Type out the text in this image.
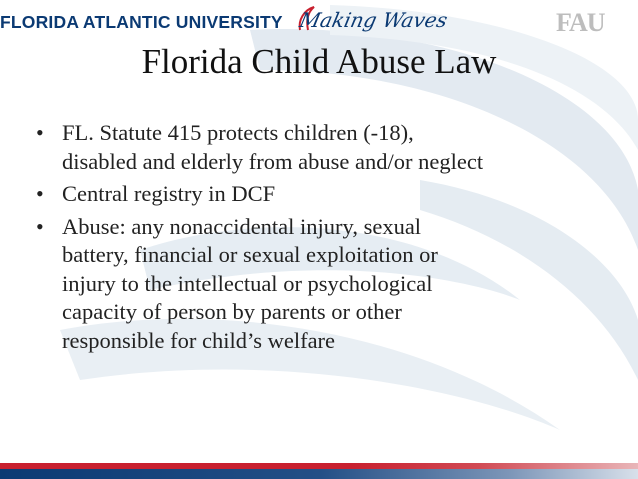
FLORIDA ATLANTIC UNIVERSITY Making Waves	FAU
Florida Child Abuse Law
• FL. Statute 415 protects children (-18),
disabled and elderly from abuse and/or neglect
• Central registry in DCF
• Abuse: any nonaccidental injury, sexual
battery, financial or sexual exploitation or
injury to the intellectual or psychological
capacity of person by parents or other
responsible for child’s welfare
